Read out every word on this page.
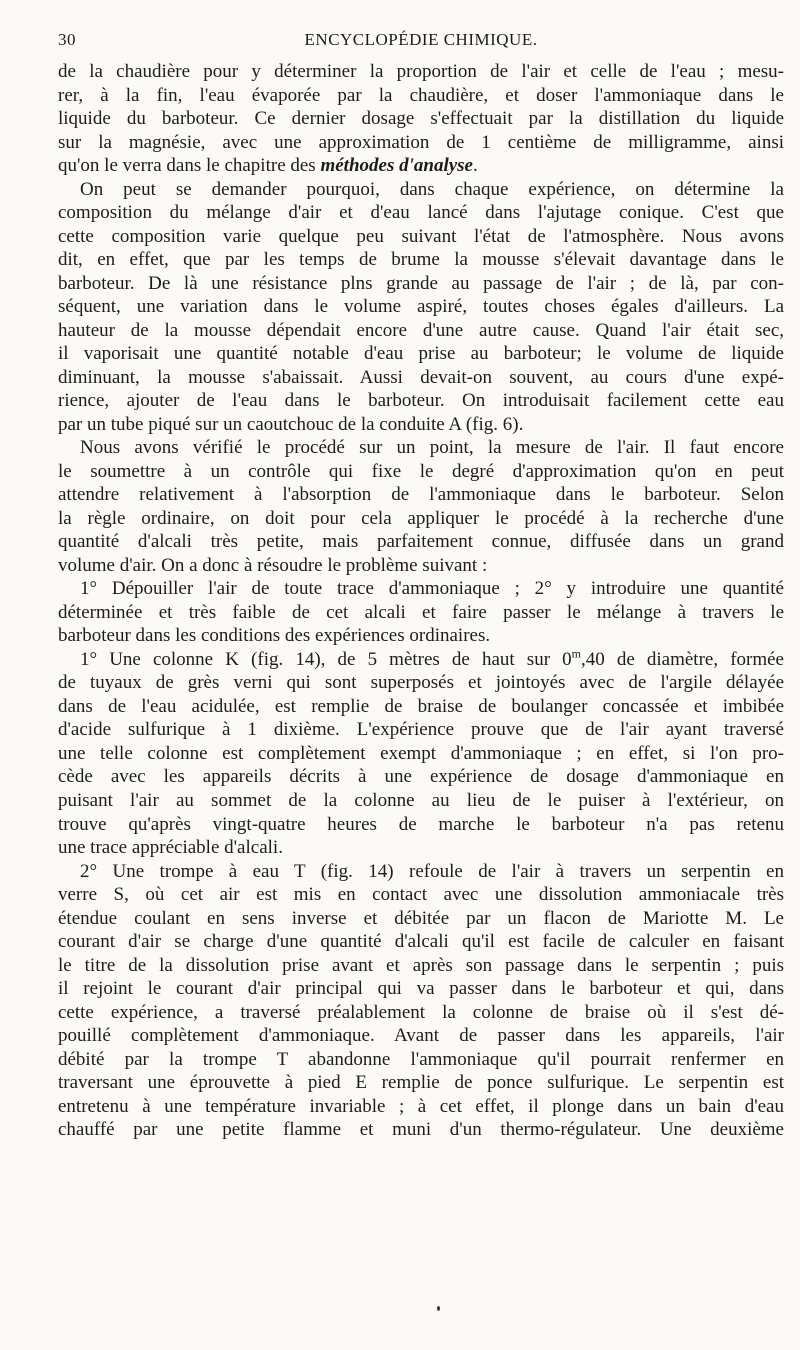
30	ENCYCLOPÉDIE CHIMIQUE.
de la chaudière pour y déterminer la proportion de l'air et celle de l'eau ; mesu-
rer, à la fin, l'eau évaporée par la chaudière, et doser l'ammoniaque dans le
liquide du barboteur. Ce dernier dosage s'effectuait par la distillation du liquide
sur la magnésie, avec une approximation de 1 centième de milligramme, ainsi
qu'on le verra dans le chapitre des méthodes d'analyse.
On peut se demander pourquoi, dans chaque expérience, on détermine la
composition du mélange d'air et d'eau lancé dans l'ajutage conique. C'est que
cette composition varie quelque peu suivant l'état de l'atmosphère. Nous avons
dit, en effet, que par les temps de brume la mousse s'élevait davantage dans le
barboteur. De là une résistance plns grande au passage de l'air ; de là, par con-
séquent, une variation dans le volume aspiré, toutes choses égales d'ailleurs. La
hauteur de la mousse dépendait encore d'une autre cause. Quand l'air était sec,
il vaporisait une quantité notable d'eau prise au barboteur; le volume de liquide
diminuant, la mousse s'abaissait. Aussi devait-on souvent, au cours d'une expé-
rience, ajouter de l'eau dans le barboteur. On introduisait facilement cette eau
par un tube piqué sur un caoutchouc de la conduite A (fig. 6).
Nous avons vérifié le procédé sur un point, la mesure de l'air. Il faut encore
le soumettre à un contrôle qui fixe le degré d'approximation qu'on en peut
attendre relativement à l'absorption de l'ammoniaque dans le barboteur. Selon
la règle ordinaire, on doit pour cela appliquer le procédé à la recherche d'une
quantité d'alcali très petite, mais parfaitement connue, diffusée dans un grand
volume d'air. On a donc à résoudre le problème suivant :
1° Dépouiller l'air de toute trace d'ammoniaque ; 2° y introduire une quantité
déterminée et très faible de cet alcali et faire passer le mélange à travers le
barboteur dans les conditions des expériences ordinaires.
1° Une colonne K (fig. 14), de 5 mètres de haut sur 0$^m$,40 de diamètre, formée
de tuyaux de grès verni qui sont superposés et jointoyés avec de l'argile délayée
dans de l'eau acidulée, est remplie de braise de boulanger concassée et imbibée
d'acide sulfurique à 1 dixième. L'expérience prouve que de l'air ayant traversé
une telle colonne est complètement exempt d'ammoniaque ; en effet, si l'on pro-
cède avec les appareils décrits à une expérience de dosage d'ammoniaque en
puisant l'air au sommet de la colonne au lieu de le puiser à l'extérieur, on
trouve qu'après vingt-quatre heures de marche le barboteur n'a pas retenu
une trace appréciable d'alcali.
2° Une trompe à eau T (fig. 14) refoule de l'air à travers un serpentin en
verre S, où cet air est mis en contact avec une dissolution ammoniacale très
étendue coulant en sens inverse et débitée par un flacon de Mariotte M. Le
courant d'air se charge d'une quantité d'alcali qu'il est facile de calculer en faisant
le titre de la dissolution prise avant et après son passage dans le serpentin ; puis
il rejoint le courant d'air principal qui va passer dans le barboteur et qui, dans
cette expérience, a traversé préalablement la colonne de braise où il s'est dé-
pouillé complètement d'ammoniaque. Avant de passer dans les appareils, l'air
débité par la trompe T abandonne l'ammoniaque qu'il pourrait renfermer en
traversant une éprouvette à pied E remplie de ponce sulfurique. Le serpentin est
entretenu à une température invariable ; à cet effet, il plonge dans un bain d'eau
chauffé par une petite flamme et muni d'un thermo-régulateur. Une deuxième
